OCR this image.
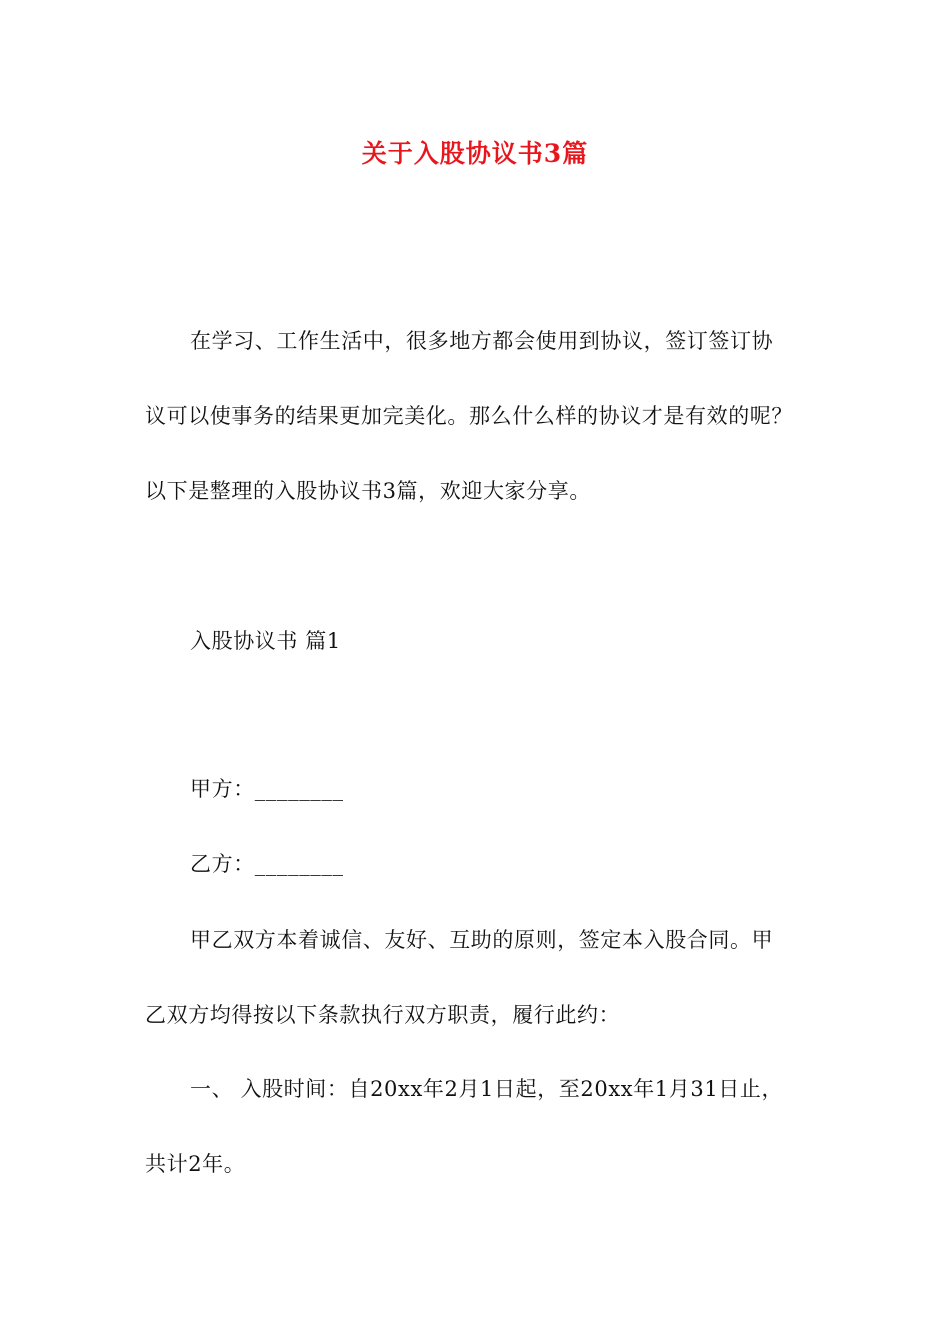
关于入股协议书3篇
在学习、工作生活中，很多地方都会使用到协议，签订签订协
议可以使事务的结果更加完美化。那么什么样的协议才是有效的呢？
以下是整理的入股协议书3篇，欢迎大家分享。
入股协议书 篇1
甲方：________
乙方：________
甲乙双方本着诚信、友好、互助的原则，签定本入股合同。甲
乙双方均得按以下条款执行双方职责，履行此约：
一、 入股时间：自20xx年2月1日起，至20xx年1月31日止，
共计2年。
